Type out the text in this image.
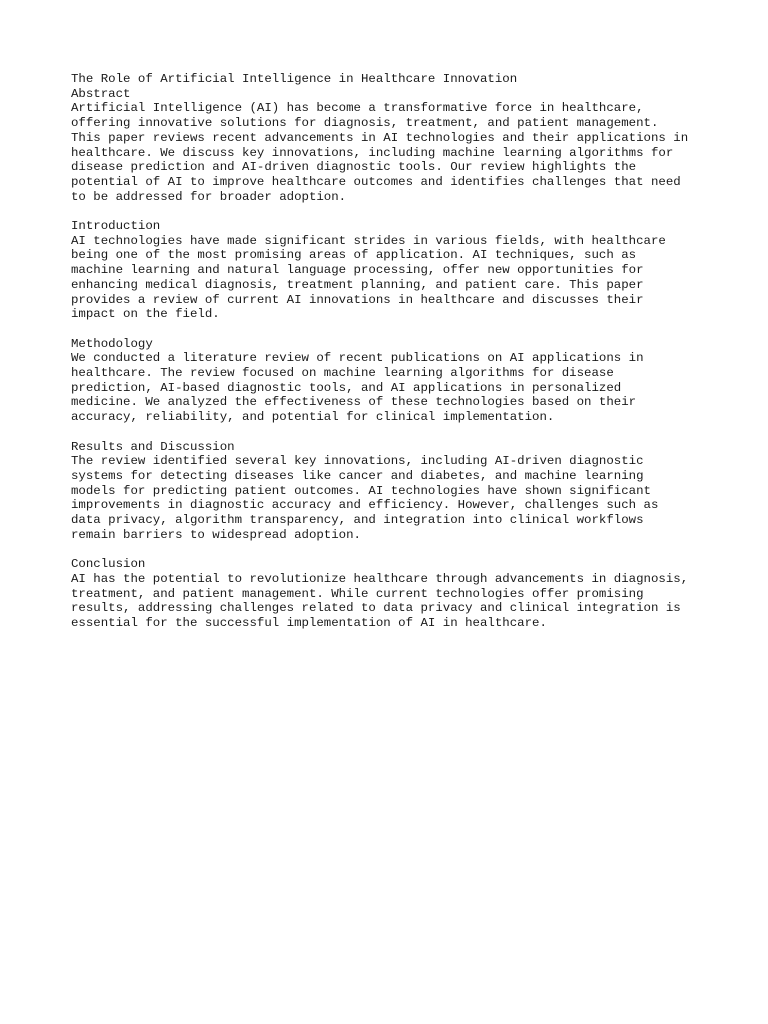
The Role of Artificial Intelligence in Healthcare Innovation
Abstract
Artificial Intelligence (AI) has become a transformative force in healthcare,
offering innovative solutions for diagnosis, treatment, and patient management.
This paper reviews recent advancements in AI technologies and their applications in
healthcare. We discuss key innovations, including machine learning algorithms for
disease prediction and AI-driven diagnostic tools. Our review highlights the
potential of AI to improve healthcare outcomes and identifies challenges that need
to be addressed for broader adoption.
Introduction
AI technologies have made significant strides in various fields, with healthcare
being one of the most promising areas of application. AI techniques, such as
machine learning and natural language processing, offer new opportunities for
enhancing medical diagnosis, treatment planning, and patient care. This paper
provides a review of current AI innovations in healthcare and discusses their
impact on the field.
Methodology
We conducted a literature review of recent publications on AI applications in
healthcare. The review focused on machine learning algorithms for disease
prediction, AI-based diagnostic tools, and AI applications in personalized
medicine. We analyzed the effectiveness of these technologies based on their
accuracy, reliability, and potential for clinical implementation.
Results and Discussion
The review identified several key innovations, including AI-driven diagnostic
systems for detecting diseases like cancer and diabetes, and machine learning
models for predicting patient outcomes. AI technologies have shown significant
improvements in diagnostic accuracy and efficiency. However, challenges such as
data privacy, algorithm transparency, and integration into clinical workflows
remain barriers to widespread adoption.
Conclusion
AI has the potential to revolutionize healthcare through advancements in diagnosis,
treatment, and patient management. While current technologies offer promising
results, addressing challenges related to data privacy and clinical integration is
essential for the successful implementation of AI in healthcare.
